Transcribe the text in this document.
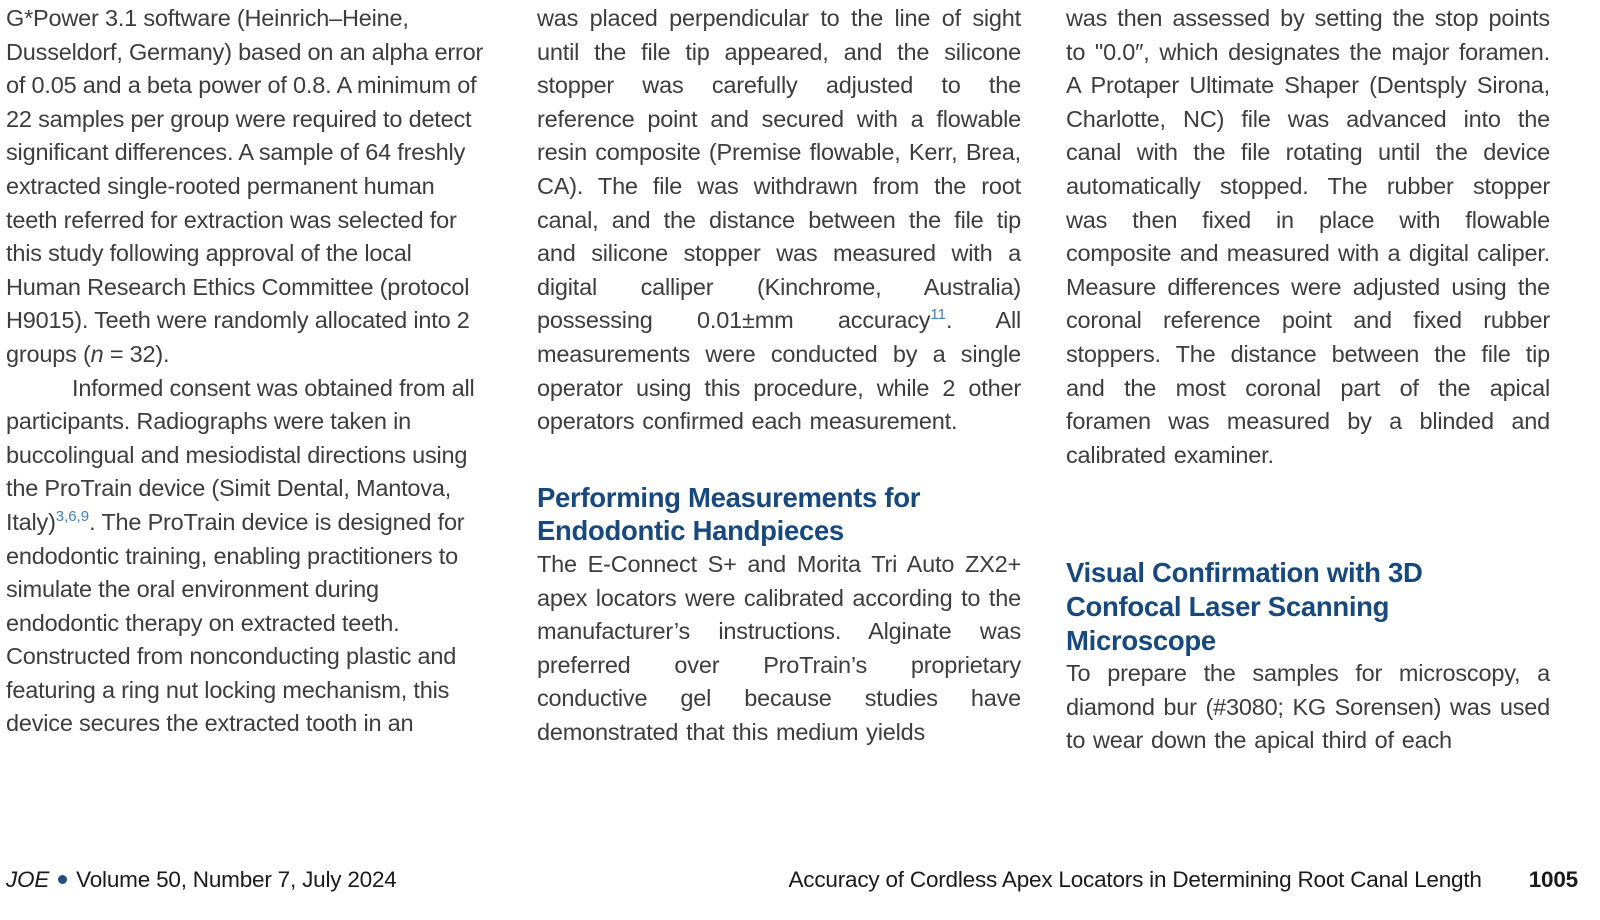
G*Power 3.1 software (Heinrich–Heine, Dusseldorf, Germany) based on an alpha error of 0.05 and a beta power of 0.8. A minimum of 22 samples per group were required to detect significant differences. A sample of 64 freshly extracted single-rooted permanent human teeth referred for extraction was selected for this study following approval of the local Human Research Ethics Committee (protocol H9015). Teeth were randomly allocated into 2 groups (n = 32).

Informed consent was obtained from all participants. Radiographs were taken in buccolingual and mesiodistal directions using the ProTrain device (Simit Dental, Mantova, Italy)$^{3,6,9}$. The ProTrain device is designed for endodontic training, enabling practitioners to simulate the oral environment during endodontic therapy on extracted teeth. Constructed from nonconducting plastic and featuring a ring nut locking mechanism, this device secures the extracted tooth in an

was placed perpendicular to the line of sight until the file tip appeared, and the silicone stopper was carefully adjusted to the reference point and secured with a flowable resin composite (Premise flowable, Kerr, Brea, CA). The file was withdrawn from the root canal, and the distance between the file tip and silicone stopper was measured with a digital calliper (Kinchrome, Australia) possessing 0.01±mm accuracy$^{11}$. All measurements were conducted by a single operator using this procedure, while 2 other operators confirmed each measurement.

Performing Measurements for
Endodontic Handpieces

The E-Connect S+ and Morita Tri Auto ZX2+ apex locators were calibrated according to the manufacturer’s instructions. Alginate was preferred over ProTrain’s proprietary conductive gel because studies have demonstrated that this medium yields

was then assessed by setting the stop points to "0.0″, which designates the major foramen. A Protaper Ultimate Shaper (Dentsply Sirona, Charlotte, NC) file was advanced into the canal with the file rotating until the device automatically stopped. The rubber stopper was then fixed in place with flowable composite and measured with a digital caliper. Measure differences were adjusted using the coronal reference point and fixed rubber stoppers. The distance between the file tip and the most coronal part of the apical foramen was measured by a blinded and calibrated examiner.

Visual Confirmation with 3D
Confocal Laser Scanning
Microscope

To prepare the samples for microscopy, a diamond bur (#3080; KG Sorensen) was used to wear down the apical third of each

JOE Volume 50, Number 7, July 2024	Accuracy of Cordless Apex Locators in Determining Root Canal Length 1005
